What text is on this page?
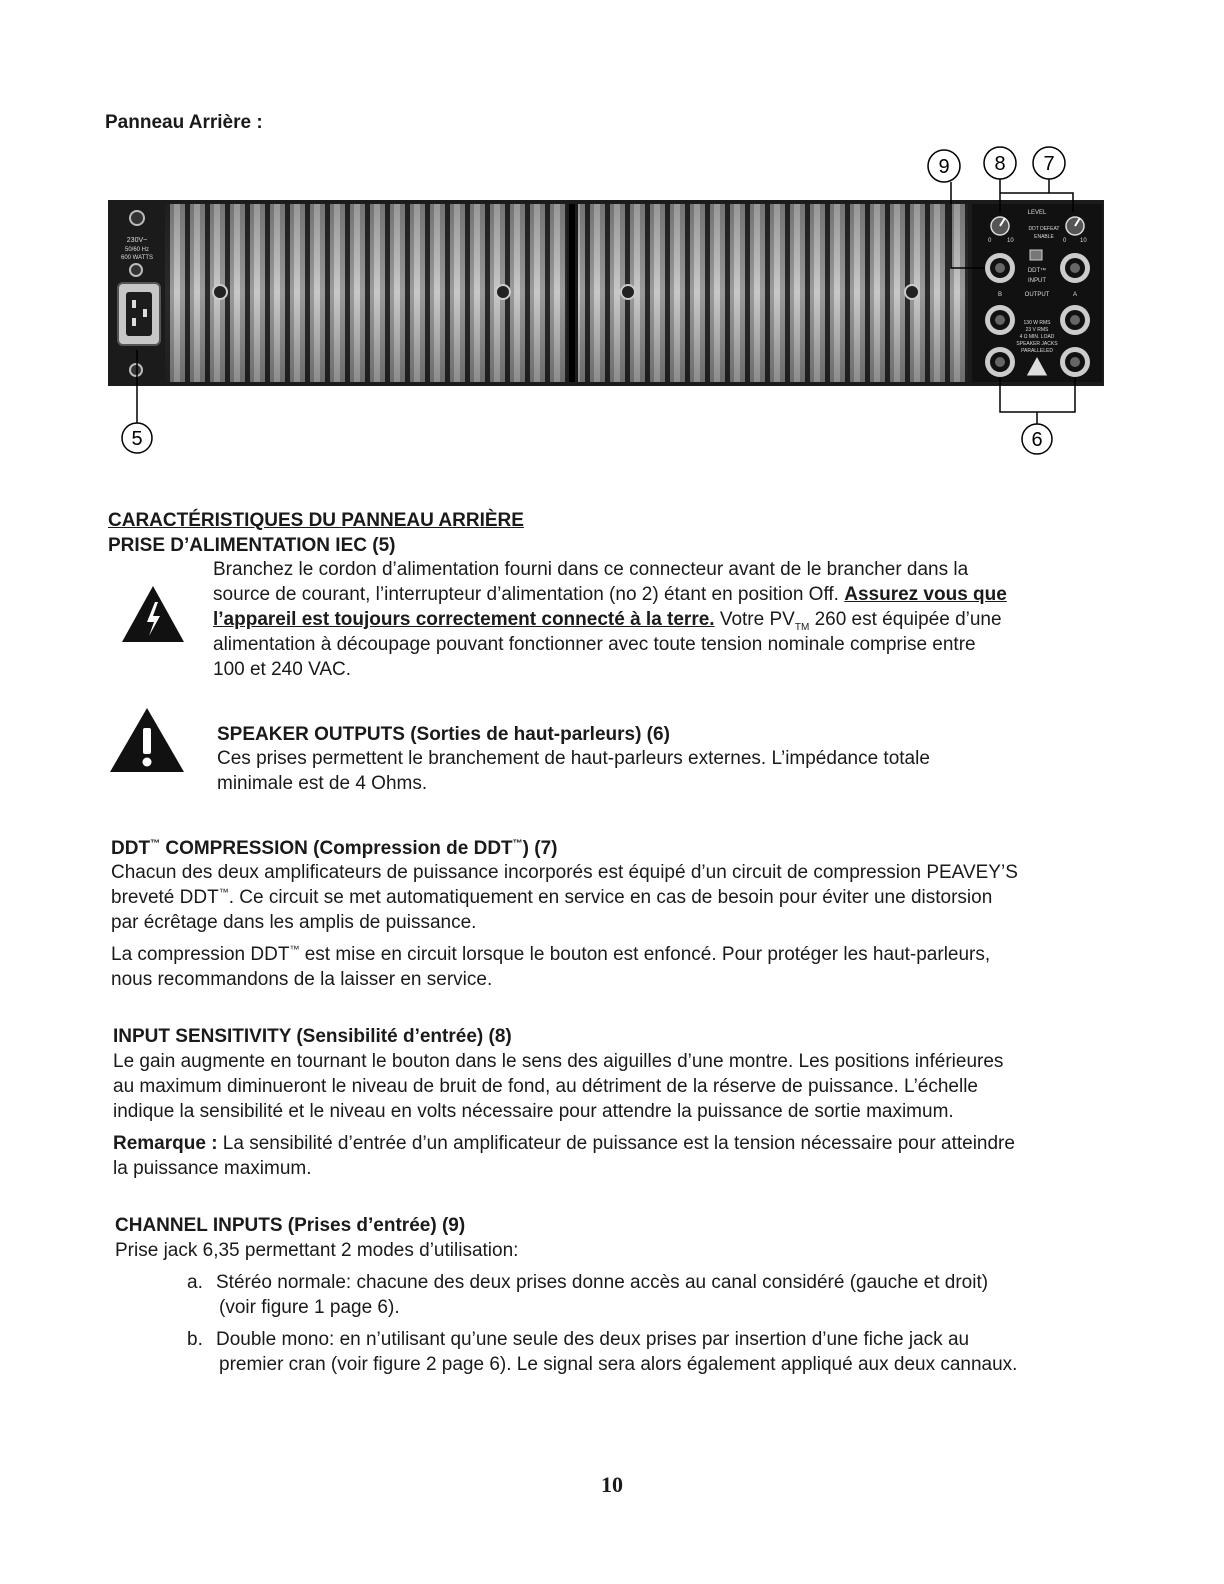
Panneau Arrière :
230V~
50/60 Hz
600 WATTS
0	10	0 10
LEVEL
DDT DEFEAT
ENABLE
DDT™
INPUT
OUTPUT
B	A
130 W RMS
23 V RMS
4 Ω MIN. LOAD
SPEAKER JACKS
PARALLELED
9 8 7
5	6
CARACTÉRISTIQUES DU PANNEAU ARRIÈRE
PRISE D’ALIMENTATION IEC (5)
Branchez le cordon d’alimentation fourni dans ce connecteur avant de le brancher dans la
source de courant, l’interrupteur d’alimentation (no 2) étant en position Off. Assurez vous que
l’appareil est toujours correctement connecté à la terre. Votre $PV_{TM}$ 260 est équipée d’une
alimentation à découpage pouvant fonctionner avec toute tension nominale comprise entre
100 et 240 VAC.
SPEAKER OUTPUTS (Sorties de haut-parleurs) (6)
Ces prises permettent le branchement de haut-parleurs externes. L’impédance totale
minimale est de 4 Ohms.
DDT™ COMPRESSION (Compression de DDT™) (7)
Chacun des deux amplificateurs de puissance incorporés est équipé d’un circuit de compression PEAVEY’S
breveté DDT™. Ce circuit se met automatiquement en service en cas de besoin pour éviter une distorsion
par écrêtage dans les amplis de puissance.
La compression DDT™ est mise en circuit lorsque le bouton est enfoncé. Pour protéger les haut-parleurs,
nous recommandons de la laisser en service.
INPUT SENSITIVITY (Sensibilité d’entrée) (8)
Le gain augmente en tournant le bouton dans le sens des aiguilles d’une montre. Les positions inférieures
au maximum diminueront le niveau de bruit de fond, au détriment de la réserve de puissance. L’échelle
indique la sensibilité et le niveau en volts nécessaire pour attendre la puissance de sortie maximum.
Remarque : La sensibilité d’entrée d’un amplificateur de puissance est la tension nécessaire pour atteindre
la puissance maximum.
CHANNEL INPUTS (Prises d’entrée) (9)
Prise jack 6,35 permettant 2 modes d’utilisation:
a. Stéréo normale: chacune des deux prises donne accès au canal considéré (gauche et droit)
(voir figure 1 page 6).
b. Double mono: en n’utilisant qu’une seule des deux prises par insertion d’une fiche jack au
premier cran (voir figure 2 page 6). Le signal sera alors également appliqué aux deux cannaux.
10
